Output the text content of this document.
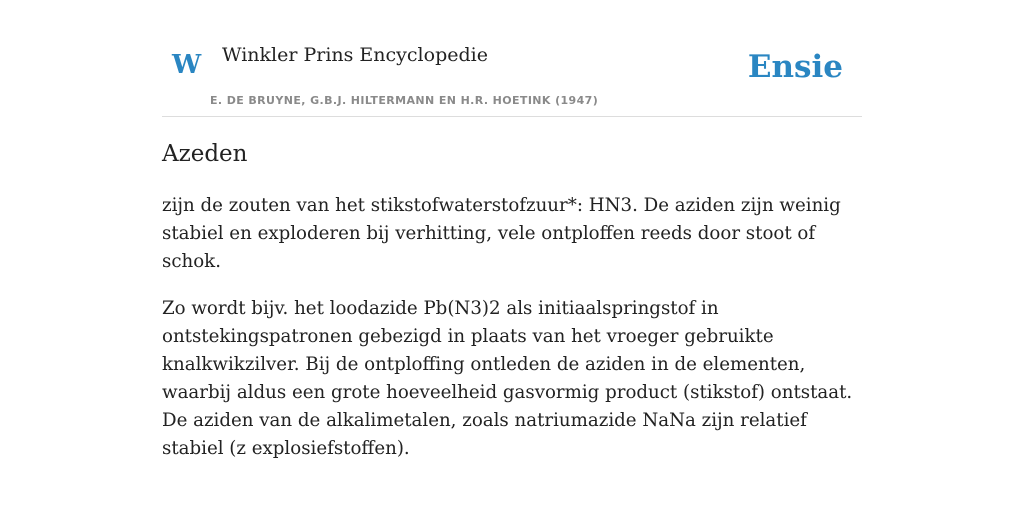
W Winkler Prins Encyclopedie
E. DE BRUYNE, G.B.J. HILTERMANN EN H.R. HOETINK (1947)
Ensie
Azeden

zijn de zouten van het stikstofwaterstofzuur*: HN3. De aziden zijn weinig stabiel en exploderen bij verhitting, vele ontploffen reeds door stoot of schok.

Zo wordt bijv. het loodazide Pb(N3)2 als initiaalspringstof in ontstekingspatronen gebezigd in plaats van het vroeger gebruikte knalkwikzilver. Bij de ontploffing ontleden de aziden in de elementen, waarbij aldus een grote hoeveelheid gasvormig product (stikstof) ontstaat. De aziden van de alkalimetalen, zoals natriumazide NaNa zijn relatief stabiel (z explosiefstoffen).
